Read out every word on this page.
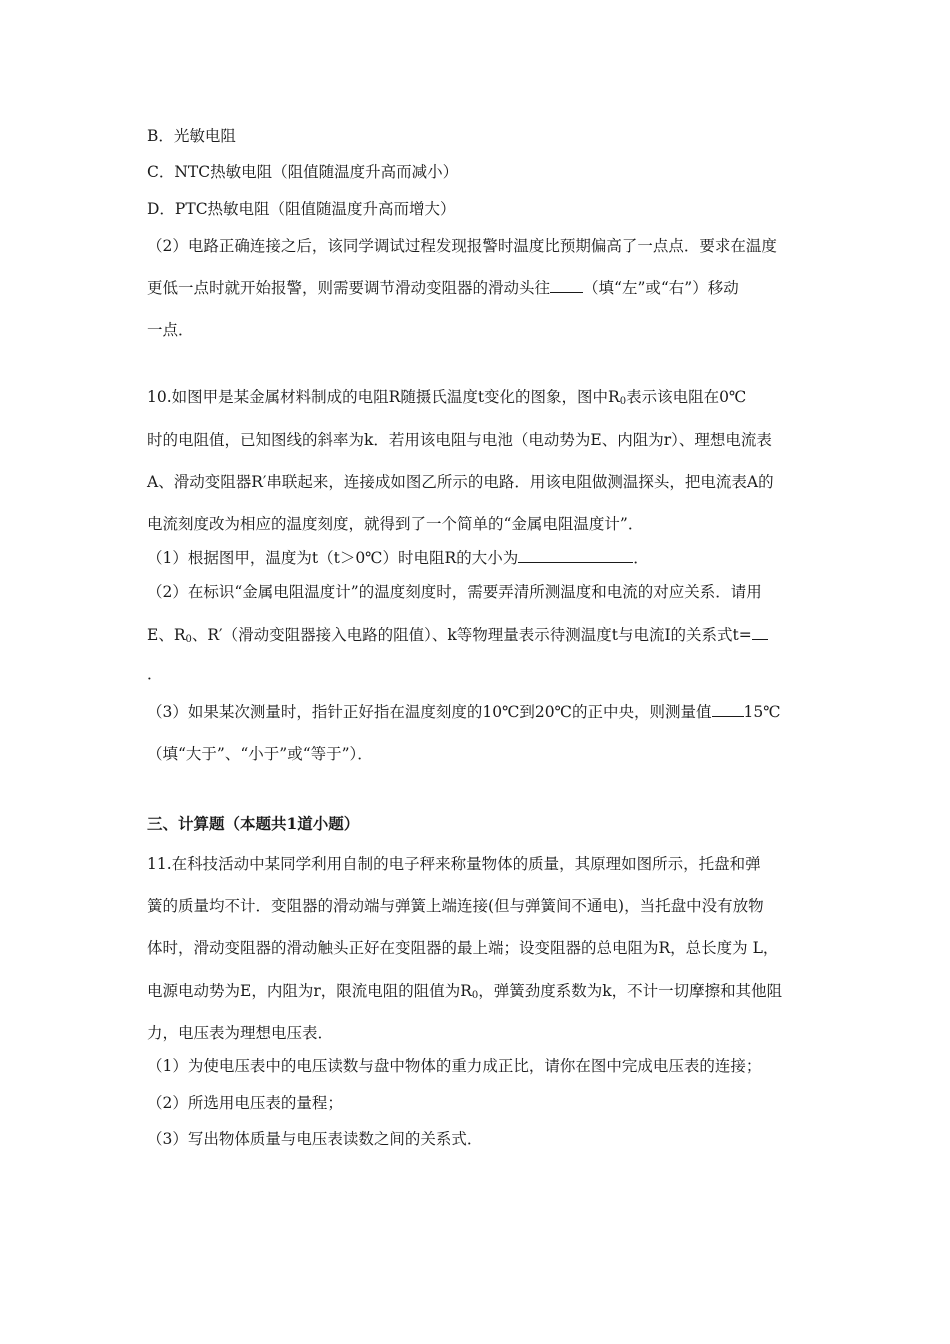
B．光敏电阻
C．NTC热敏电阻（阻值随温度升高而减小）
D．PTC热敏电阻（阻值随温度升高而增大）
（2）电路正确连接之后，该同学调试过程发现报警时温度比预期偏高了一点点．要求在温度
更低一点时就开始报警，则需要调节滑动变阻器的滑动头往 （填“左”或“右”）移动
一点．
10.如图甲是某金属材料制成的电阻R随摄氏温度t变化的图象，图中$R_0$表示该电阻在0℃
时的电阻值，已知图线的斜率为k．若用该电阻与电池（电动势为E、内阻为r）、理想电流表
A、滑动变阻器R′串联起来，连接成如图乙所示的电路．用该电阻做测温探头，把电流表A的
电流刻度改为相应的温度刻度，就得到了一个简单的“金属电阻温度计”．
（1）根据图甲，温度为t（t＞0℃）时电阻R的大小为	．
（2）在标识“金属电阻温度计”的温度刻度时，需要弄清所测温度和电流的对应关系．请用
E、$R_0$、R′（滑动变阻器接入电路的阻值）、k等物理量表示待测温度t与电流I的关系式t=
．
（3）如果某次测量时，指针正好指在温度刻度的10℃到20℃的正中央，则测量值 15℃
（填“大于”、“小于”或“等于”）．
三、计算题（本题共1道小题）
11.在科技活动中某同学利用自制的电子秤来称量物体的质量，其原理如图所示，托盘和弹
簧的质量均不计．变阻器的滑动端与弹簧上端连接(但与弹簧间不通电)，当托盘中没有放物
体时，滑动变阻器的滑动触头正好在变阻器的最上端；设变阻器的总电阻为R，总长度为 L，
电源电动势为E，内阻为r，限流电阻的阻值为$R_0$，弹簧劲度系数为k，不计一切摩擦和其他阻
力，电压表为理想电压表．
（1）为使电压表中的电压读数与盘中物体的重力成正比，请你在图中完成电压表的连接；
（2）所选用电压表的量程；
（3）写出物体质量与电压表读数之间的关系式．
